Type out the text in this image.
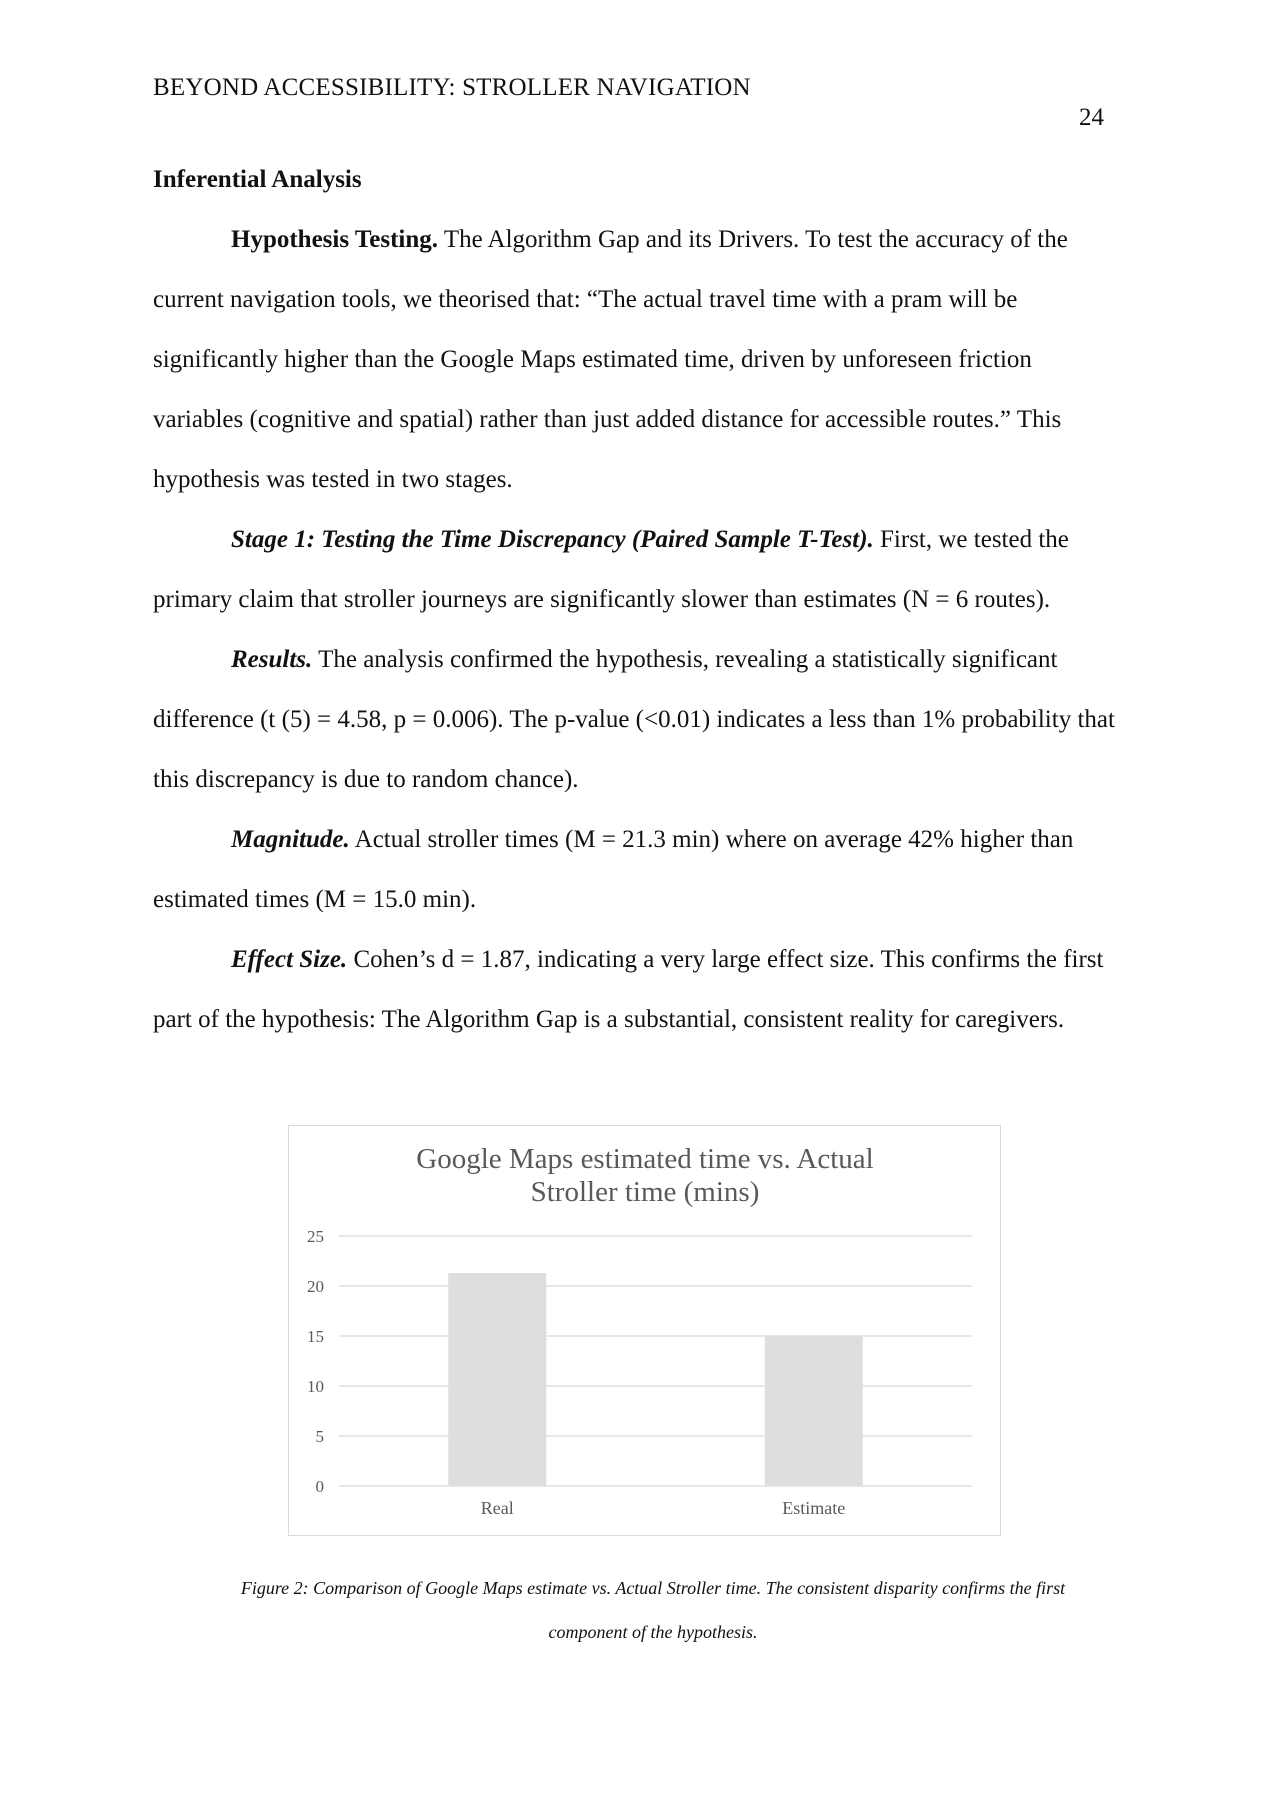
BEYOND ACCESSIBILITY: STROLLER NAVIGATION
24
Inferential Analysis

Hypothesis Testing. The Algorithm Gap and its Drivers. To test the accuracy of the current navigation tools, we theorised that: “The actual travel time with a pram will be significantly higher than the Google Maps estimated time, driven by unforeseen friction variables (cognitive and spatial) rather than just added distance for accessible routes.” This hypothesis was tested in two stages.

Stage 1: Testing the Time Discrepancy (Paired Sample T-Test). First, we tested the primary claim that stroller journeys are significantly slower than estimates (N = 6 routes).

Results. The analysis confirmed the hypothesis, revealing a statistically significant difference (t (5) = 4.58, p = 0.006). The p-value (<0.01) indicates a less than 1% probability that this discrepancy is due to random chance).

Magnitude. Actual stroller times (M = 21.3 min) where on average 42% higher than estimated times (M = 15.0 min).

Effect Size. Cohen’s d = 1.87, indicating a very large effect size. This confirms the first part of the hypothesis: The Algorithm Gap is a substantial, consistent reality for caregivers.

Google Maps estimated time vs. Actual
Stroller time (mins)
0
5
10
15
20
25
Real	Estimate
Figure 2: Comparison of Google Maps estimate vs. Actual Stroller time. The consistent disparity confirms the first
component of the hypothesis.
